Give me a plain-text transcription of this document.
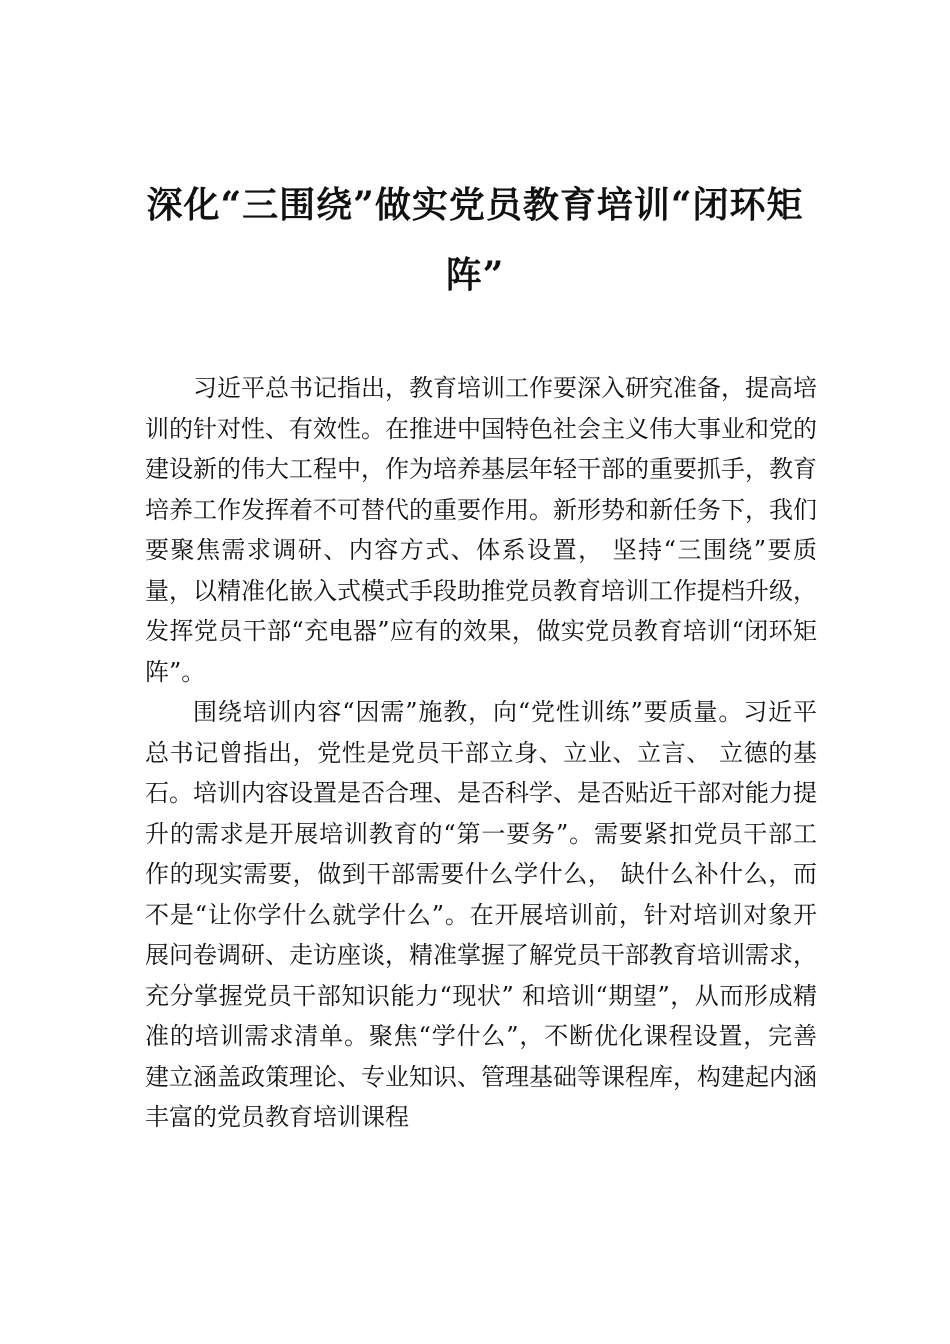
深化“三围绕”做实党员教育培训“闭环矩阵”

习近平总书记指出，教育培训工作要深入研究准备，提高培训的针对性、有效性。在推进中国特色社会主义伟大事业和党的建设新的伟大工程中，作为培养基层年轻干部的重要抓手，教育培养工作发挥着不可替代的重要作用。新形势和新任务下，我们要聚焦需求调研、内容方式、体系设置， 坚持“三围绕”要质量，以精准化嵌入式模式手段助推党员教育培训工作提档升级，发挥党员干部“充电器”应有的效果，做实党员教育培训“闭环矩阵”。

围绕培训内容“因需”施教，向“党性训练”要质量。习近平总书记曾指出，党性是党员干部立身、立业、立言、 立德的基石。培训内容设置是否合理、是否科学、是否贴近干部对能力提升的需求是开展培训教育的“第一要务”。需要紧扣党员干部工作的现实需要，做到干部需要什么学什么， 缺什么补什么，而不是“让你学什么就学什么”。在开展培训前，针对培训对象开展问卷调研、走访座谈，精准掌握了解党员干部教育培训需求，充分掌握党员干部知识能力“现状” 和培训“期望”，从而形成精准的培训需求清单。聚焦“学什么”，不断优化课程设置，完善建立涵盖政策理论、专业知识、管理基础等课程库，构建起内涵丰富的党员教育培训课程
